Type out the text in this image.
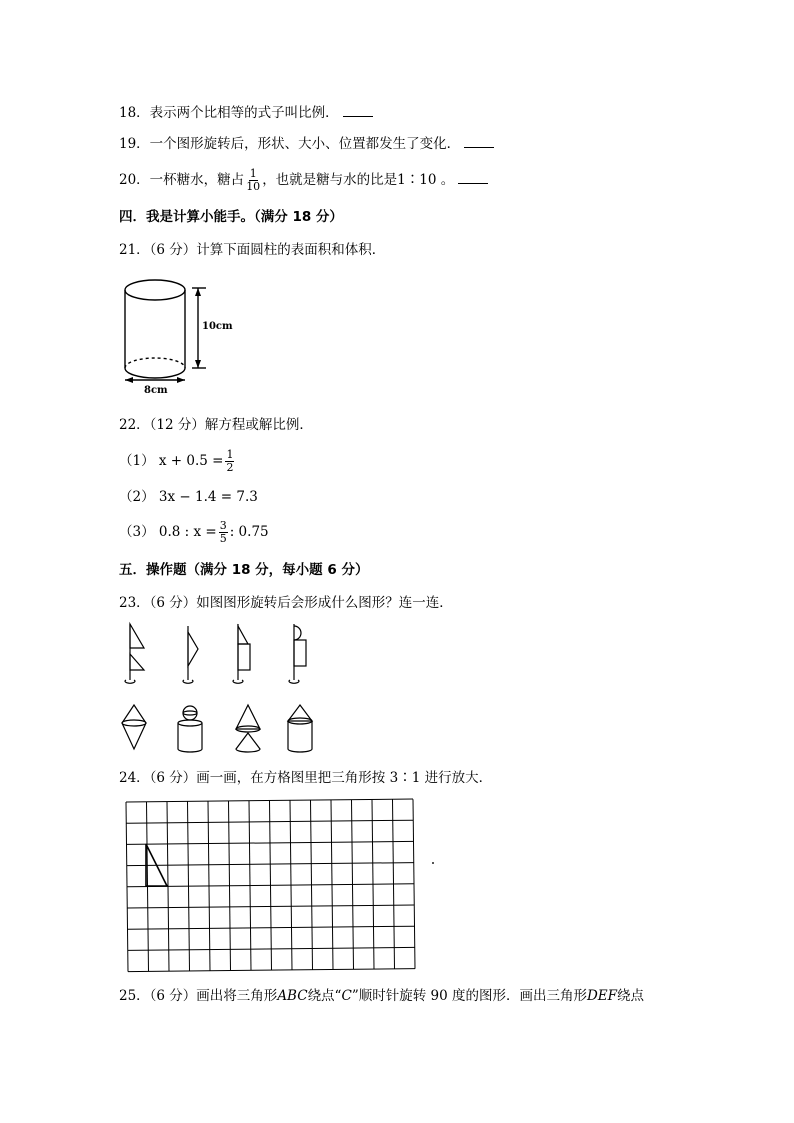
18．表示两个比相等的式子叫比例．
19．一个图形旋转后，形状、大小、位置都发生了变化．
20．一杯糖水，糖占 $\frac{1}{10}$ ，也就是糖与水的比是1∶10 。
四．我是计算小能手。（满分 18 分）
21．（6 分）计算下面圆柱的表面积和体积．
10cm
8cm
22．（12 分）解方程或解比例．
（1） $x + 0.5 = \frac{1}{2}$
（2） 3x − 1.4 = 7.3
（3） 0.8 : $x = \frac{3}{5}$ : 0.75
五．操作题（满分 18 分，每小题 6 分）
23．（6 分）如图图形旋转后会形成什么图形？连一连．
24．（6 分）画一画，在方格图里把三角形按 3∶1 进行放大．
25．（6 分）画出将三角形ABC绕点“C”顺时针旋转 90 度的图形．画出三角形DEF绕点
